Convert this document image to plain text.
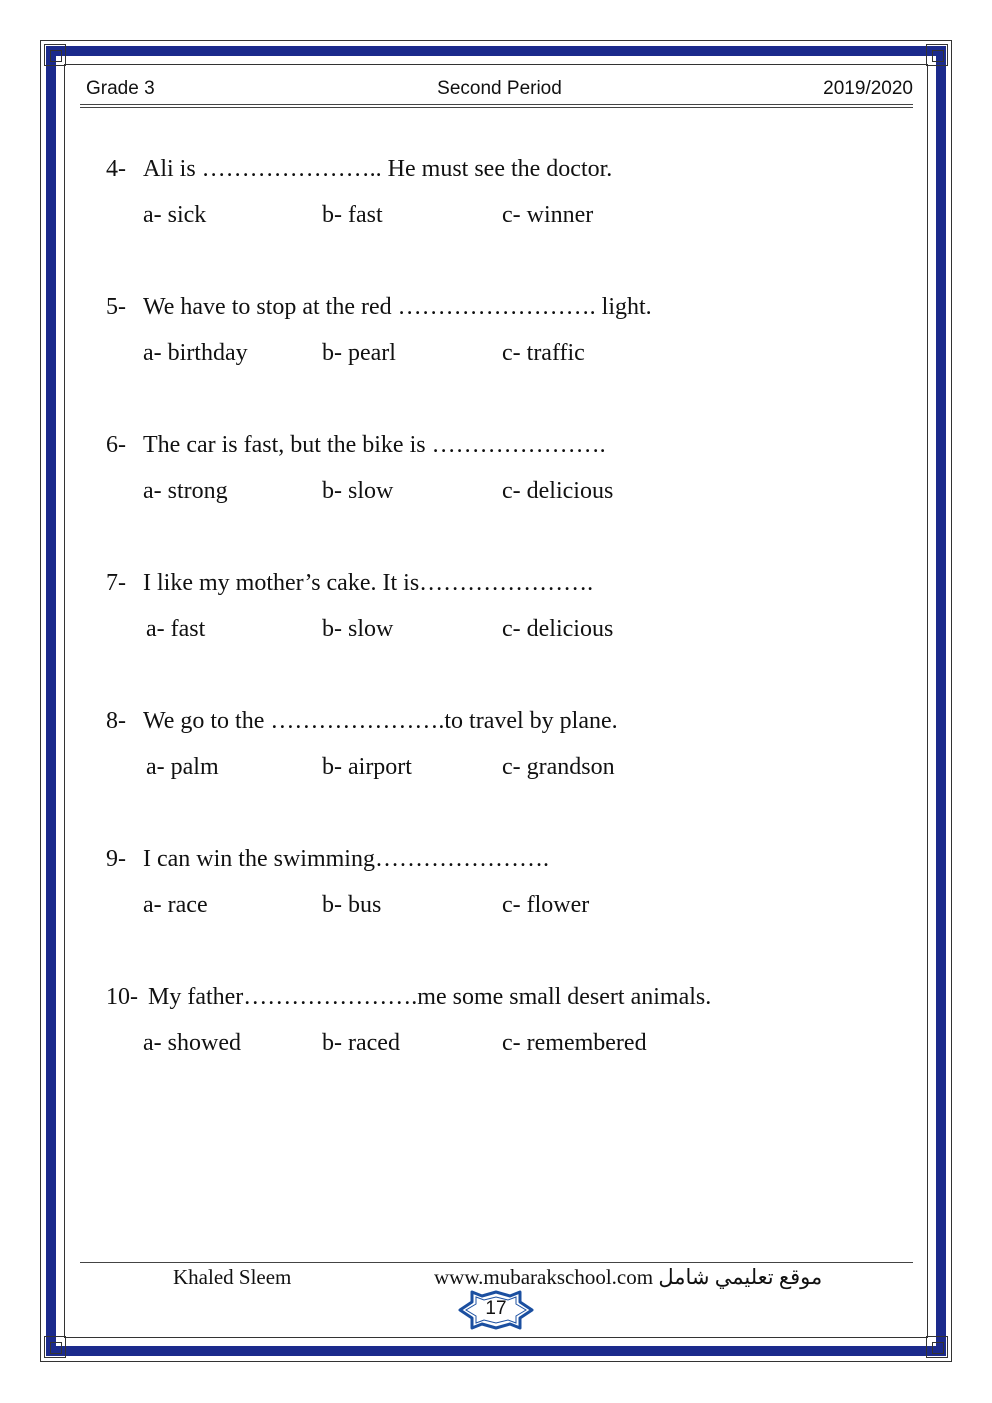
Second Period
Grade 3	2019/2020
4- Ali is ………………….. He must see the doctor.
a- sick	b- fast	c- winner
5- We have to stop at the red ……………………. light.
a- birthday	b- pearl	c- traffic
6- The car is fast, but the bike is ………………….
a- strong	b- slow	c- delicious
7- I like my mother’s cake. It is………………….
a- fast	b- slow	c- delicious
8- We go to the ………………….to travel by plane.
a- palm	b- airport	c- grandson
9- I can win the swimming………………….
a- race	b- bus	c- flower
10- My father………………….me some small desert animals.
a- showed	b- raced	c- remembered
Khaled Sleem	www.mubarakschool.com موقع تعليمي شامل
17
